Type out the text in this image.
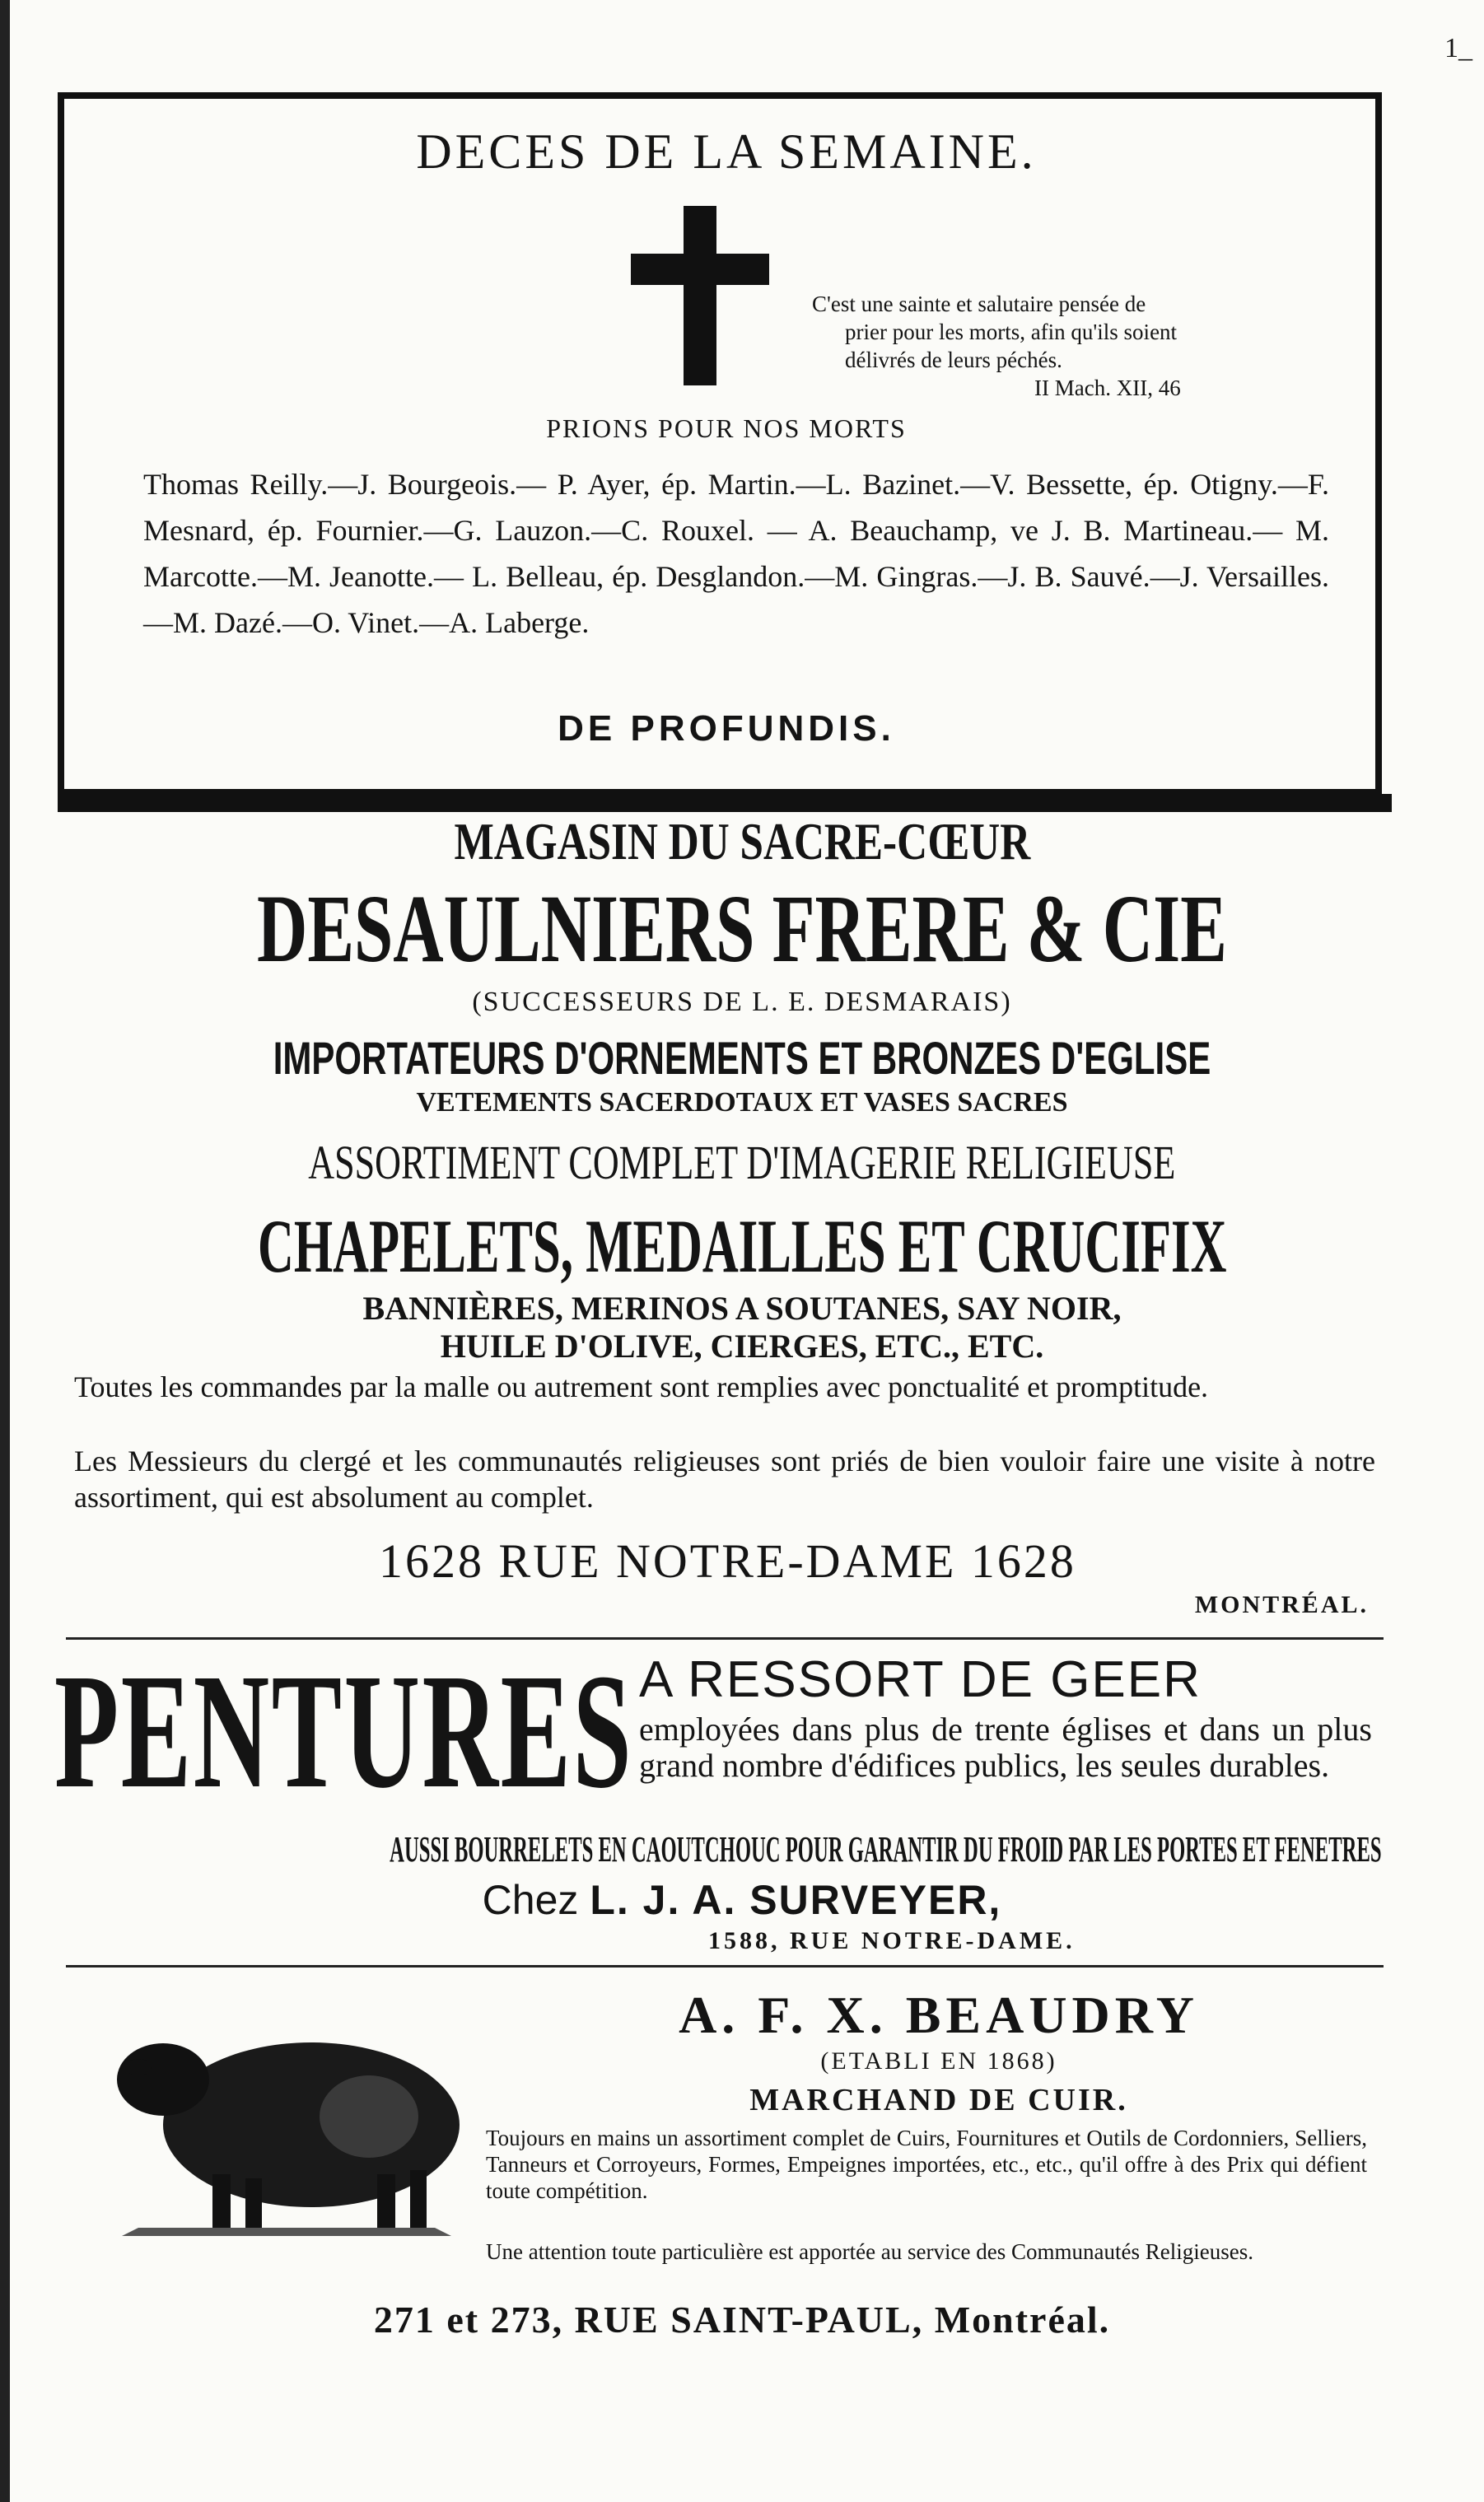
1_
DECES DE LA SEMAINE.
C'est une sainte et salutaire pensée de
prier pour les morts, afin qu'ils soient
délivrés de leurs péchés.
II Mach. XII, 46
PRIONS POUR NOS MORTS
Thomas Reilly.—J. Bourgeois.— P. Ayer, ép. Martin.—L. Bazinet.—V. Bessette, ép. Otigny.—F. Mesnard, ép. Fournier.—G. Lauzon.—C. Rouxel. — A. Beauchamp, ve J. B. Martineau.— M. Marcotte.—M. Jeanotte.— L. Belleau, ép. Desglandon.—M. Gingras.—J. B. Sauvé.—J. Versailles.—M. Dazé.—O. Vinet.—A. Laberge.
DE PROFUNDIS.
MAGASIN DU SACRE-CŒUR
DESAULNIERS FRERE & CIE
(SUCCESSEURS DE L. E. DESMARAIS)
IMPORTATEURS D'ORNEMENTS ET BRONZES D'EGLISE
VETEMENTS SACERDOTAUX ET VASES SACRES
ASSORTIMENT COMPLET D'IMAGERIE RELIGIEUSE
CHAPELETS, MEDAILLES ET CRUCIFIX
BANNIÈRES, MERINOS A SOUTANES, SAY NOIR,
HUILE D'OLIVE, CIERGES, ETC., ETC.
Toutes les commandes par la malle ou autrement sont remplies avec ponctualité et promptitude.
Les Messieurs du clergé et les communautés religieuses sont priés de bien vouloir faire une visite à notre assortiment, qui est absolument au complet.
1628 RUE NOTRE-DAME 1628
MONTRÉAL.
PENTURES A RESSORT DE GEER
employées dans plus de trente églises et dans un plus grand nombre d'édifices publics, les seules durables.
AUSSI BOURRELETS EN CAOUTCHOUC POUR GARANTIR DU FROID PAR LES PORTES ET FENETRES
Chez L. J. A. SURVEYER,
1588, RUE NOTRE-DAME.
A. F. X. BEAUDRY
(ETABLI EN 1868)
MARCHAND DE CUIR.
Toujours en mains un assortiment complet de Cuirs, Fournitures et Outils de Cordonniers, Selliers, Tanneurs et Corroyeurs, Formes, Empeignes importées, etc., etc., qu'il offre à des Prix qui défient toute compétition.
Une attention toute particulière est apportée au service des Communautés Religieuses.
271 et 273, RUE SAINT-PAUL, Montréal.
